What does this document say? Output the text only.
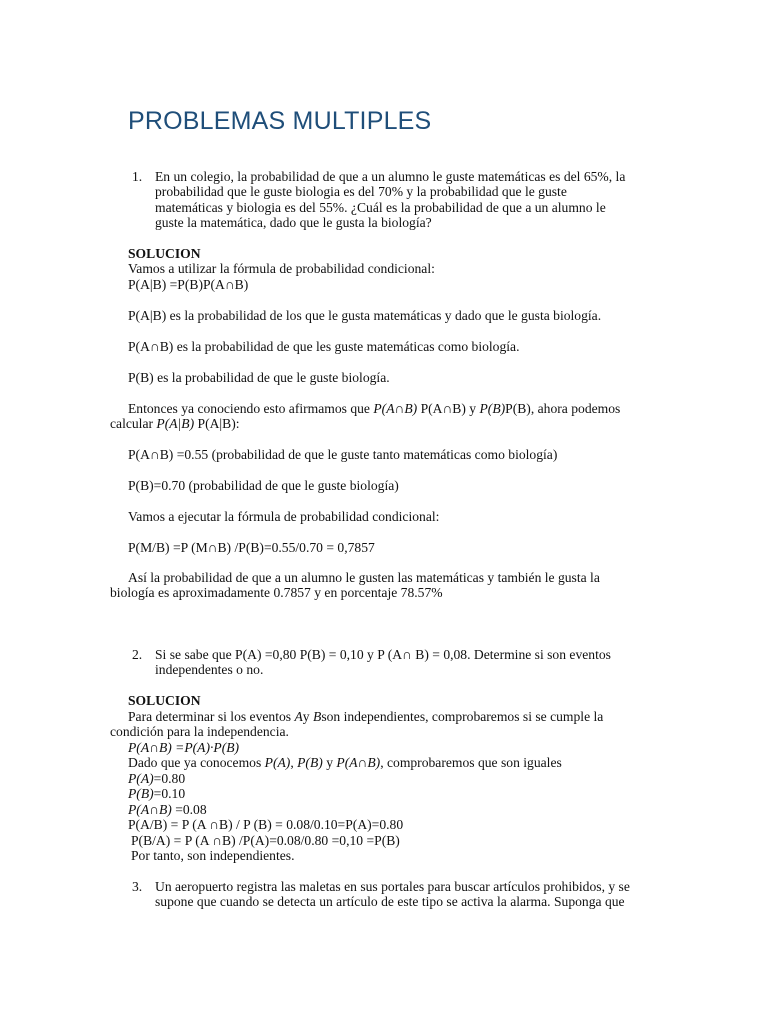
PROBLEMAS MULTIPLES
1. En un colegio, la probabilidad de que a un alumno le guste matemáticas es del 65%, la
probabilidad que le guste biologia es del 70% y la probabilidad que le guste
matemáticas y biologia es del 55%. ¿Cuál es la probabilidad de que a un alumno le
guste la matemática, dado que le gusta la biología?
SOLUCION
Vamos a utilizar la fórmula de probabilidad condicional:
P(A|B) =P(B)P(A∩B)
P(A|B) es la probabilidad de los que le gusta matemáticas y dado que le gusta biología.
P(A∩B) es la probabilidad de que les guste matemáticas como biología.
P(B) es la probabilidad de que le guste biología.
Entonces ya conociendo esto afirmamos que P(A∩B) P(A∩B) y P(B)P(B), ahora podemos
calcular P(A|B) P(A|B):
P(A∩B) =0.55 (probabilidad de que le guste tanto matemáticas como biología)
P(B)=0.70 (probabilidad de que le guste biología)
Vamos a ejecutar la fórmula de probabilidad condicional:
P(M/B) =P (M∩B) /P(B)=0.55/0.70 = 0,7857
Así la probabilidad de que a un alumno le gusten las matemáticas y también le gusta la
biología es aproximadamente 0.7857 y en porcentaje 78.57%
2. Si se sabe que P(A) =0,80 P(B) = 0,10 y P (A∩ B) = 0,08. Determine si son eventos
independentes o no.
SOLUCION
Para determinar si los eventos Ay Bson independientes, comprobaremos si se cumple la
condición para la independencia.
P(A∩B) =P(A)·P(B)
Dado que ya conocemos P(A), P(B) y P(A∩B), comprobaremos que son iguales
P(A)=0.80
P(B)=0.10
P(A∩B) =0.08
P(A/B) = P (A ∩B) / P (B) = 0.08/0.10=P(A)=0.80
P(B/A) = P (A ∩B) /P(A)=0.08/0.80 =0,10 =P(B)
Por tanto, son independientes.
3. Un aeropuerto registra las maletas en sus portales para buscar artículos prohibidos, y se
supone que cuando se detecta un artículo de este tipo se activa la alarma. Suponga que
